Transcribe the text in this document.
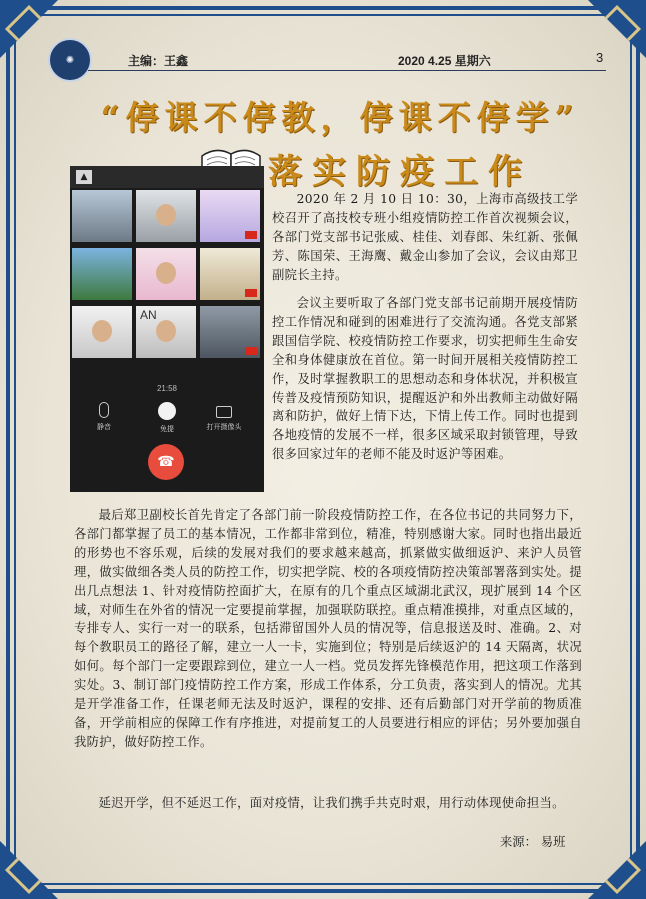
✺	主编：王鑫	2020 4.25 星期六	3
“停课不停教，停课不停学”
落实防疫工作
▲
AN
21:58
静音	免提	打开摄像头
☎
2020 年 2 月 10 日 10：30，上海市高级技工学校召开了高技校专班小组疫情防控工作首次视频会议，各部门党支部书记张威、桂佳、刘春郎、朱红新、张佩芳、陈国荣、王海鹰、戴金山参加了会议，会议由郑卫副院长主持。
会议主要听取了各部门党支部书记前期开展疫情防控工作情况和碰到的困难进行了交流沟通。各党支部紧跟国信学院、校疫情防控工作要求，切实把师生生命安全和身体健康放在首位。第一时间开展相关疫情防控工作，及时掌握教职工的思想动态和身体状况，并积极宣传普及疫情预防知识，提醒返沪和外出教师主动做好隔离和防护，做好上情下达，下情上传工作。同时也提到各地疫情的发展不一样，很多区域采取封锁管理，导致很多回家过年的老师不能及时返沪等困难。
最后郑卫副校长首先肯定了各部门前一阶段疫情防控工作，在各位书记的共同努力下，各部门都掌握了员工的基本情况，工作都非常到位，精准，特别感谢大家。同时也指出最近的形势也不容乐观，后续的发展对我们的要求越来越高，抓紧做实做细返沪、来沪人员管理，做实做细各类人员的防控工作，切实把学院、校的各项疫情防控决策部署落到实处。提出几点想法 1、针对疫情防控面扩大，在原有的几个重点区域湖北武汉，现扩展到 14 个区域，对师生在外省的情况一定要提前掌握，加强联防联控。重点精准摸排，对重点区域的，专排专人、实行一对一的联系，包括滞留国外人员的情况等，信息报送及时、准确。2、对每个教职员工的路径了解，建立一人一卡，实施到位；特别是后续返沪的 14 天隔离，状况如何。每个部门一定要跟踪到位，建立一人一档。党员发挥先锋模范作用，把这项工作落到实处。3、制订部门疫情防控工作方案，形成工作体系，分工负责，落实到人的情况。尤其是开学准备工作，任课老师无法及时返沪，课程的安排、还有后勤部门对开学前的物质准备，开学前相应的保障工作有序推进，对提前复工的人员要进行相应的评估；另外要加强自我防护，做好防控工作。
延迟开学，但不延迟工作，面对疫情，让我们携手共克时艰，用行动体现使命担当。
来源： 易班
